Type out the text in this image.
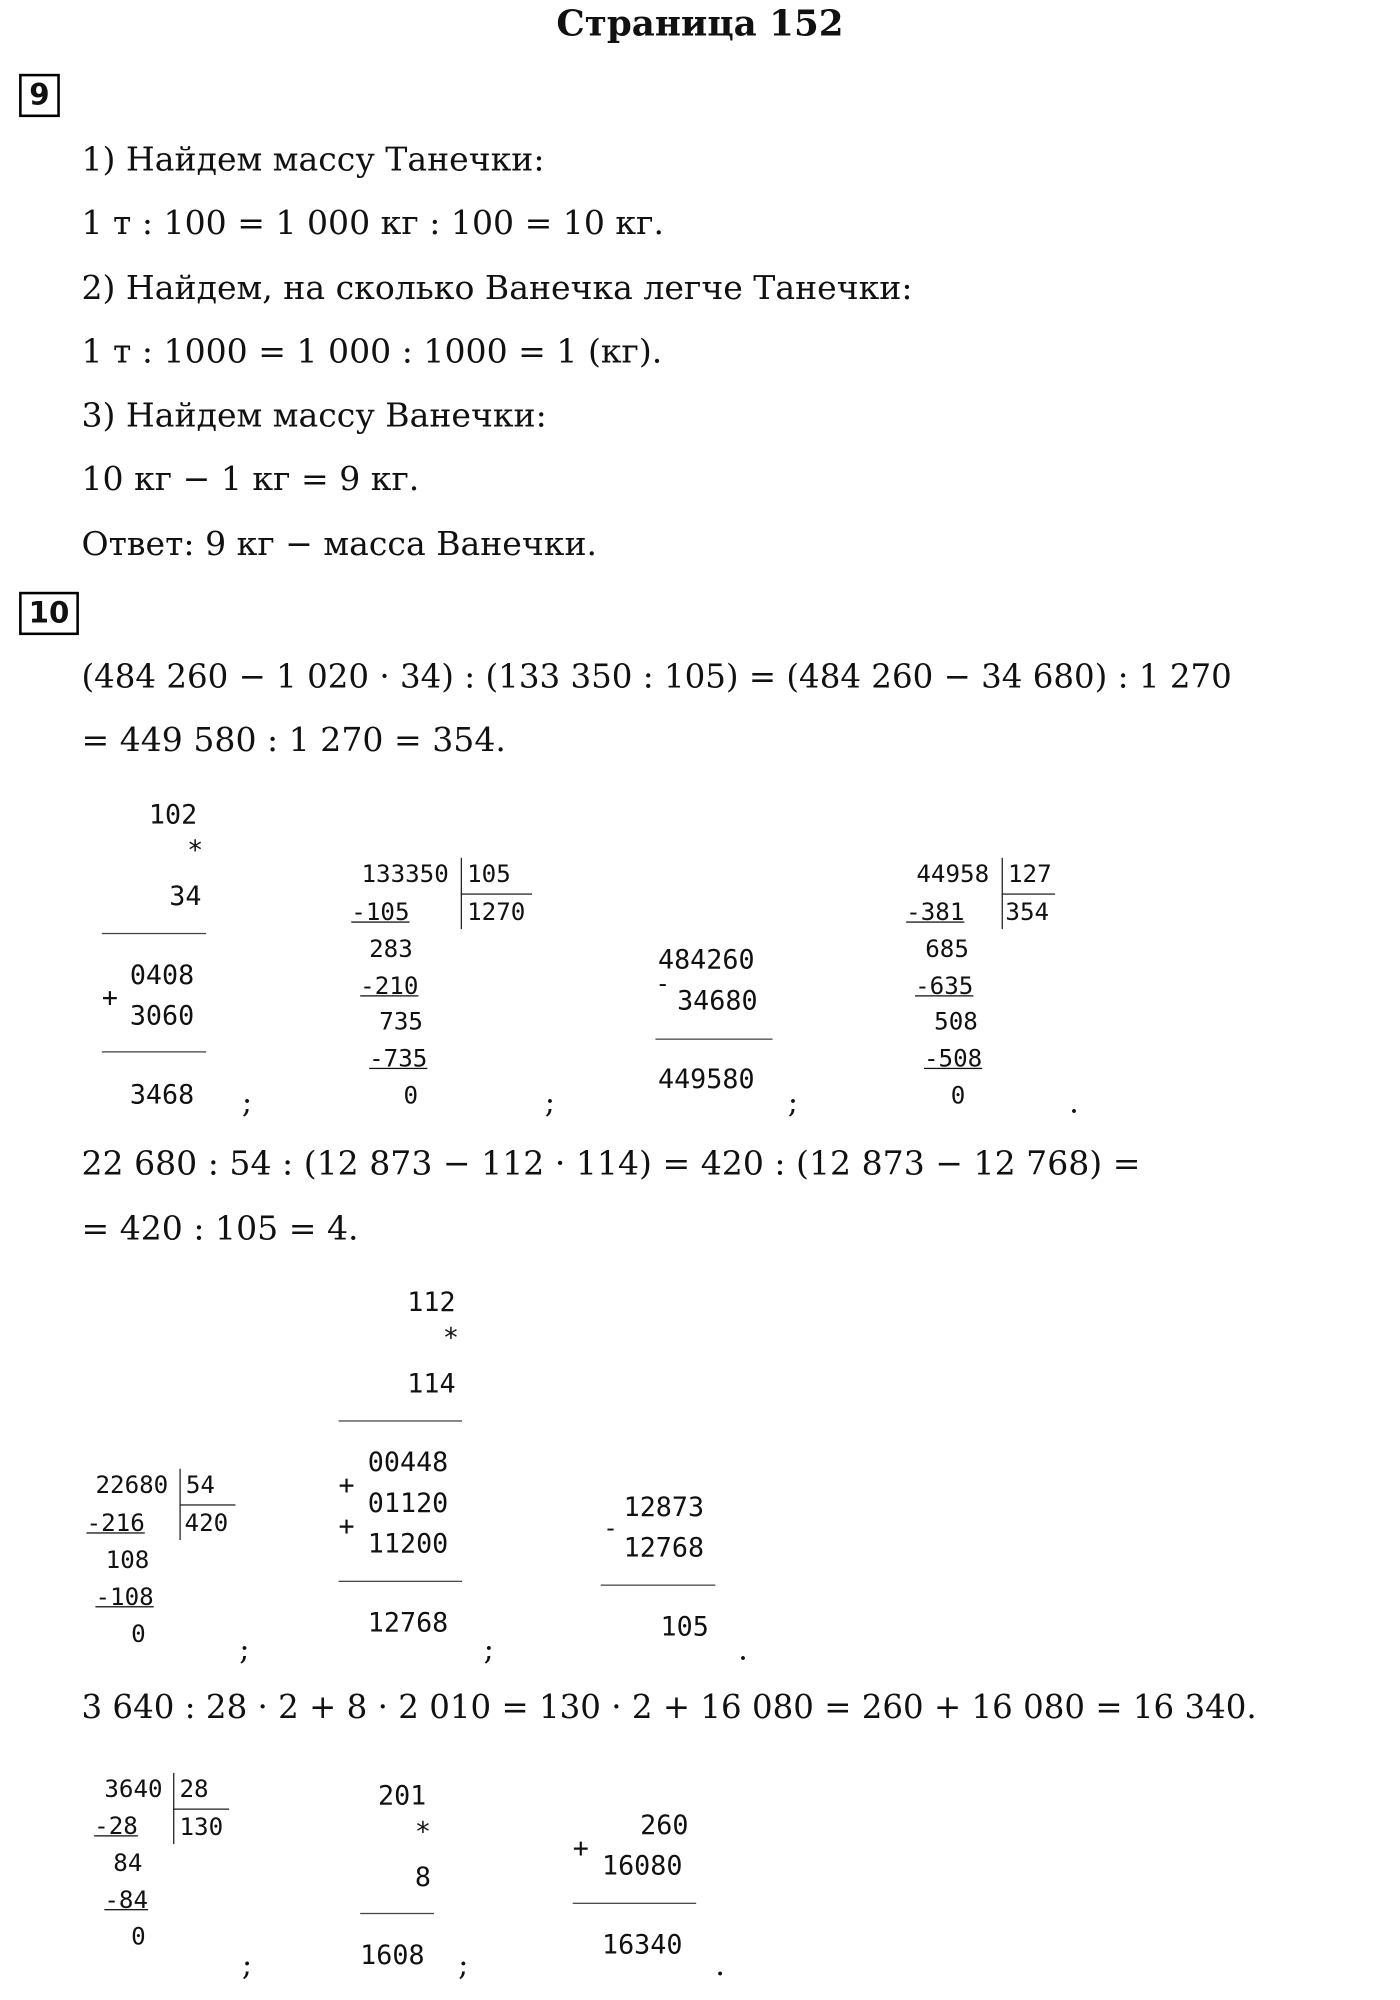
Страница 152
9
1) Найдем массу Танечки:
1 т : 100 = 1 000 кг : 100 = 10 кг.
2) Найдем, на сколько Ванечка легче Танечки:
1 т : 1000 = 1 000 : 1000 = 1 (кг).
3) Найдем массу Ванечки:
10 кг − 1 кг = 9 кг.
Ответ: 9 кг − масса Ванечки.
10
(484 260 − 1 020 · 34) : (133 350 : 105) = (484 260 − 34 680) : 1 270
= 449 580 : 1 270 = 354.
102
*
34
+
0408
3060
3468 ;
133350 105
1270
-105
283
-210
735
-735
0	;
484260
-
34680
449580
;
44958 127
354
-381
685
-635
508
-508
0	.
22 680 : 54 : (12 873 − 112 · 114) = 420 : (12 873 − 12 768) =
= 420 : 105 = 4.
112
*
114
00448
+
01120
+
11200
12768
;
22680 54
420
-216
108
-108
0	;
12873
-
12768
105
.
3 640 : 28 · 2 + 8 · 2 010 = 130 · 2 + 16 080 = 260 + 16 080 = 16 340.
3640 28
130
-28
84
-84
0
;
201
*
8
1608 ;
260
+
16080
16340
.
